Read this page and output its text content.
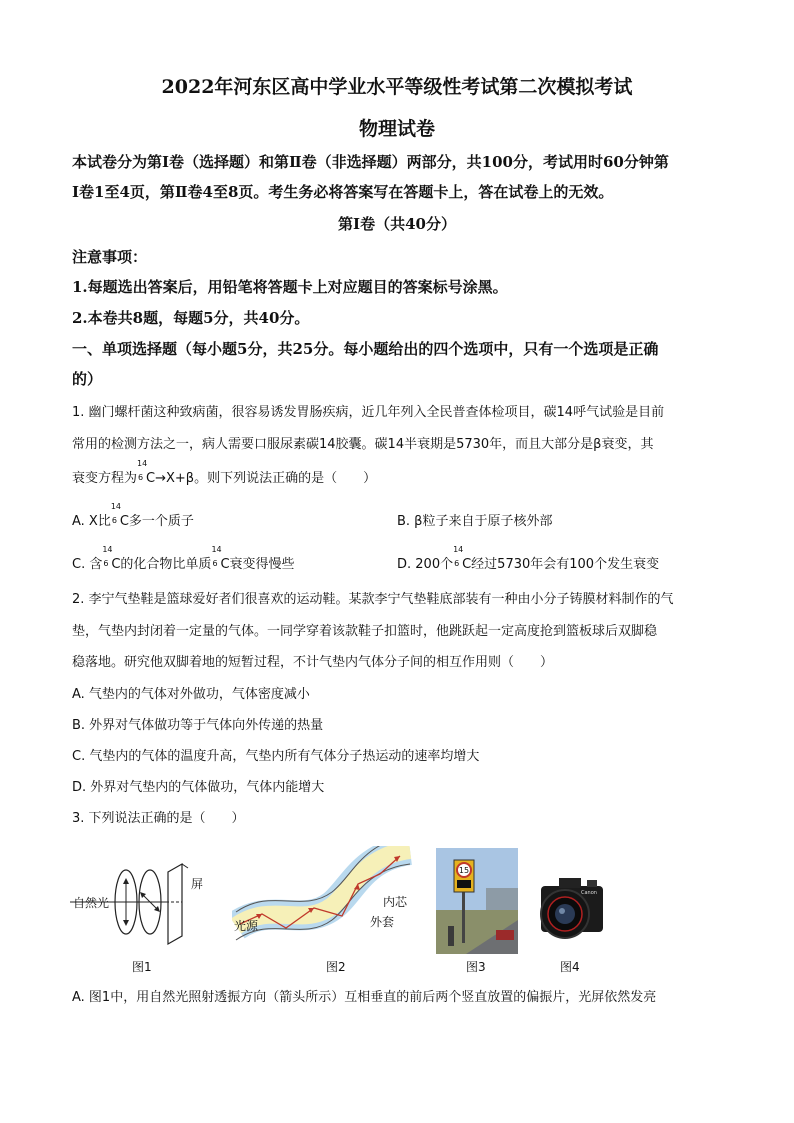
2022年河东区高中学业水平等级性考试第二次模拟考试
物理试卷
本试卷分为第Ⅰ卷（选择题）和第Ⅱ卷（非选择题）两部分，共100分，考试用时60分钟第
Ⅰ卷1至4页，第Ⅱ卷4至8页。考生务必将答案写在答题卡上，答在试卷上的无效。
第Ⅰ卷（共40分）
注意事项：
1.每题选出答案后，用铅笔将答题卡上对应题目的答案标号涂黑。
2.本卷共8题，每题5分，共40分。
一、单项选择题（每小题5分，共25分。每小题给出的四个选项中，只有一个选项是正确
的）
1. 幽门螺杆菌这种致病菌，很容易诱发胃肠疾病，近几年列入全民普查体检项目，碳14呼气试验是目前
常用的检测方法之一，病人需要口服尿素碳14胶囊。碳14半衰期是5730年，而且大部分是β衰变，其
衰变方程为
14
6 C→X+β。则下列说法正确的是（　　）
A. X比
14
6 C多一个质子	B. β粒子来自于原子核外部
C. 含
14
6 C的化合物比单质
14
6 C衰变得慢些	D. 200个
14
6 C经过5730年会有100个发生衰变
2. 李宁气垫鞋是篮球爱好者们很喜欢的运动鞋。某款李宁气垫鞋底部装有一种由小分子铸膜材料制作的气
垫，气垫内封闭着一定量的气体。一同学穿着该款鞋子扣篮时，他跳跃起一定高度抢到篮板球后双脚稳
稳落地。研究他双脚着地的短暂过程，不计气垫内气体分子间的相互作用则（　　）
A. 气垫内的气体对外做功，气体密度减小
B. 外界对气体做功等于气体向外传递的热量
C. 气垫内的气体的温度升高，气垫内所有气体分子热运动的速率均增大
D. 外界对气垫内的气体做功，气体内能增大
3. 下列说法正确的是（　　）
自然光
屏
图1
光源
内芯
外套
图2
15
图3
Canon
图4
A. 图1中，用自然光照射透振方向（箭头所示）互相垂直的前后两个竖直放置的偏振片，光屏依然发亮
